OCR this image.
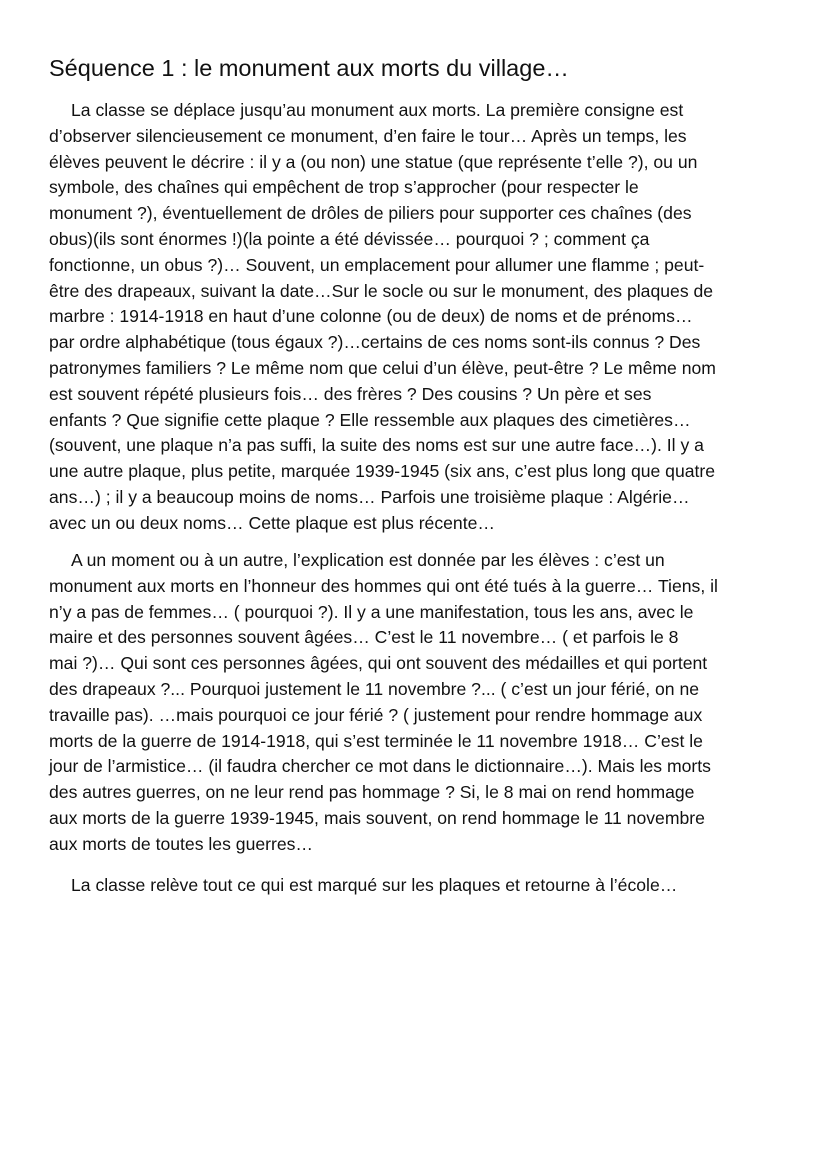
Séquence 1 : le monument aux morts du village…

La classe se déplace jusqu’au monument aux morts. La première consigne est
d’observer silencieusement ce monument, d’en faire le tour… Après un temps, les
élèves peuvent le décrire : il y a (ou non) une statue (que représente t’elle ?), ou un
symbole, des chaînes qui empêchent de trop s’approcher (pour respecter le
monument ?), éventuellement de drôles de piliers pour supporter ces chaînes (des
obus)(ils sont énormes !)(la pointe a été dévissée… pourquoi ? ; comment ça
fonctionne, un obus ?)… Souvent, un emplacement pour allumer une flamme ; peut-
être des drapeaux, suivant la date…Sur le socle ou sur le monument, des plaques de
marbre : 1914-1918 en haut d’une colonne (ou de deux) de noms et de prénoms…
par ordre alphabétique (tous égaux ?)…certains de ces noms sont-ils connus ? Des
patronymes familiers ? Le même nom que celui d’un élève, peut-être ? Le même nom
est souvent répété plusieurs fois… des frères ? Des cousins ? Un père et ses
enfants ? Que signifie cette plaque ? Elle ressemble aux plaques des cimetières…
(souvent, une plaque n’a pas suffi, la suite des noms est sur une autre face…). Il y a
une autre plaque, plus petite, marquée 1939-1945 (six ans, c’est plus long que quatre
ans…) ; il y a beaucoup moins de noms… Parfois une troisième plaque : Algérie…
avec un ou deux noms… Cette plaque est plus récente…

A un moment ou à un autre, l’explication est donnée par les élèves : c’est un
monument aux morts en l’honneur des hommes qui ont été tués à la guerre… Tiens, il
n’y a pas de femmes… ( pourquoi ?). Il y a une manifestation, tous les ans, avec le
maire et des personnes souvent âgées… C’est le 11 novembre… ( et parfois le 8
mai ?)… Qui sont ces personnes âgées, qui ont souvent des médailles et qui portent
des drapeaux ?... Pourquoi justement le 11 novembre ?... ( c’est un jour férié, on ne
travaille pas). …mais pourquoi ce jour férié ? ( justement pour rendre hommage aux
morts de la guerre de 1914-1918, qui s’est terminée le 11 novembre 1918… C’est le
jour de l’armistice… (il faudra chercher ce mot dans le dictionnaire…). Mais les morts
des autres guerres, on ne leur rend pas hommage ? Si, le 8 mai on rend hommage
aux morts de la guerre 1939-1945, mais souvent, on rend hommage le 11 novembre
aux morts de toutes les guerres…

La classe relève tout ce qui est marqué sur les plaques et retourne à l’école…
